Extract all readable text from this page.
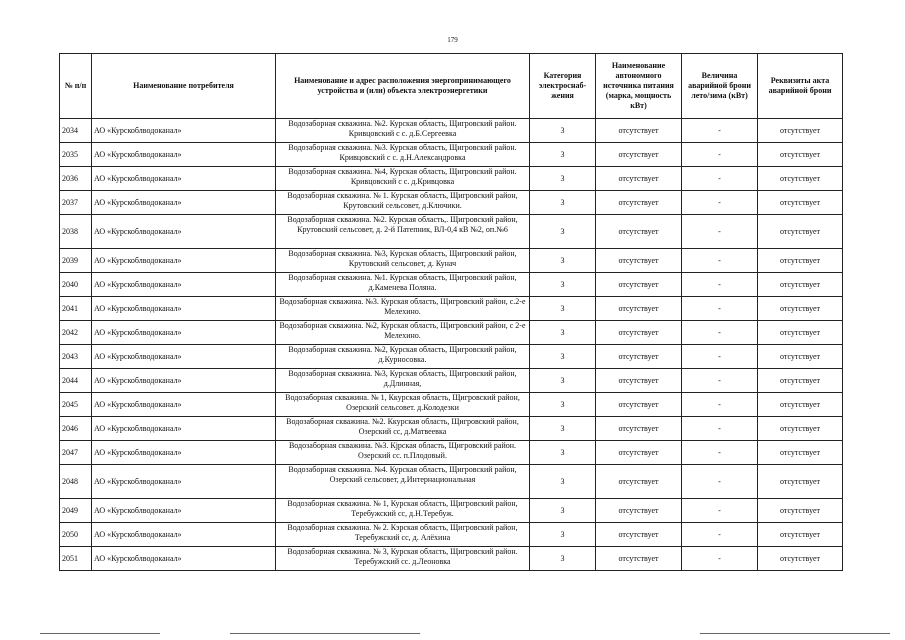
179
№ п/п	Наименование потребителя	Наименование и адрес расположения энергопринимающего устройства и (или) объекта электроэнергетики	Категория электроснаб-жения	Наименование автономного источника питания (марка, мощность кВт)	Величина аварийной брони лето/зима (кВт)	Реквизиты акта аварийной брони
2034	АО «Курскоблводоканал»	Водозаборная скважина. №2. Курская область, Щигровский район. Кривцовский с с. д.Б.Сергеевка	3	отсутствует	-	отсутствует
2035	АО «Курскоблводоканал»	Водозаборная скважина. №3. Курская область, Щигровский район. Кривцовский с с. д.Н.Александровка	3	отсутствует	-	отсутствует
2036	АО «Курскоблводоканал»	Водозаборная скважина. №4, Курская область, Щигровский район. Кривцовский с с. д.Кривцовка	3	отсутствует	-	отсутствует
2037	АО «Курскоблводоканал»	Водозаборная скважина. № 1. Курская область, Щигровский район, Крутовский сельсовет, д.Ключики.	3	отсутствует	-	отсутствует
2038	АО «Курскоблводоканал»	Водозаборная скважина. №2. Курская область,. Щигровский район, Крутовский сельсовет, д. 2-й Патепник, ВЛ-0,4 кВ №2, оп.№6	3	отсутствует	-	отсутствует
2039	АО «Курскоблводоканал»	Водозаборная скважина. №3, Курская область, Щигровский район, Крутовский сельсовет, д. Кунач	3	отсутствует	-	отсутствует
2040	АО «Курскоблводоканал»	Водозаборная скважина. №1. Курская область, Щигровский район, д.Каменева Поляна.	3	отсутствует	-	отсутствует
2041	АО «Курскоблводоканал»	Водозаборная скважина. №3. Курская область, Щигровский район, с.2-е Мелехино.	3	отсутствует	-	отсутствует
2042	АО «Курскоблводоканал»	Водозаборная скважина. №2, Курская область, Щигровский район, с 2-е Мелехино.	3	отсутствует	-	отсутствует
2043	АО «Курскоблводоканал»	Водозаборная скважина. №2, Курская область, Щигровский район, д.Курносовка.	3	отсутствует	-	отсутствует
2044	АО «Курскоблводоканал»	Водозаборная скважина. №3, Курская область, Щигровский район, д.Длинная,	3	отсутствует	-	отсутствует
2045	АО «Курскоблводоканал»	Водозаборная скважина. № 1, Ккурская область, Щигровский район, Озерский сельсовет. д.Колодезки	3	отсутствует	-	отсутствует
2046	АО «Курскоблводоканал»	Водозаборная скважина. №2. Ккурская область, Щигровский район, Озерский сс, д.Матвеевка	3	отсутствует	-	отсутствует
2047	АО «Курскоблводоканал»	Водозаборная скважина. №3. Кjрская область, Щигровский район. Озерский сс. п.Плодовый.	3	отсутствует	-	отсутствует
2048	АО «Курскоблводоканал»	Водозаборная скважина. №4. Курская область, Щигровский район, Озерский сельсовет, д.Интернациональная	3	отсутствует	-	отсутствует
2049	АО «Курскоблводоканал»	Водозаборная скважина. № 1, Курская область, Щигровский район, Теребужский сс, д.Н.Теребуж.	3	отсутствует	-	отсутствует
2050	АО «Курскоблводоканал»	Водозаборная скважина. № 2. Кэрская область, Щигровский район, Теребужский сс, д. Алёхина	3	отсутствует	-	отсутствует
2051	АО «Курскоблводоканал»	Водозаборная скважина. № 3, Курская область, Щигровский район. Теребужский сс. д.Леоновка	3	отсутствует	-	отсутствует
